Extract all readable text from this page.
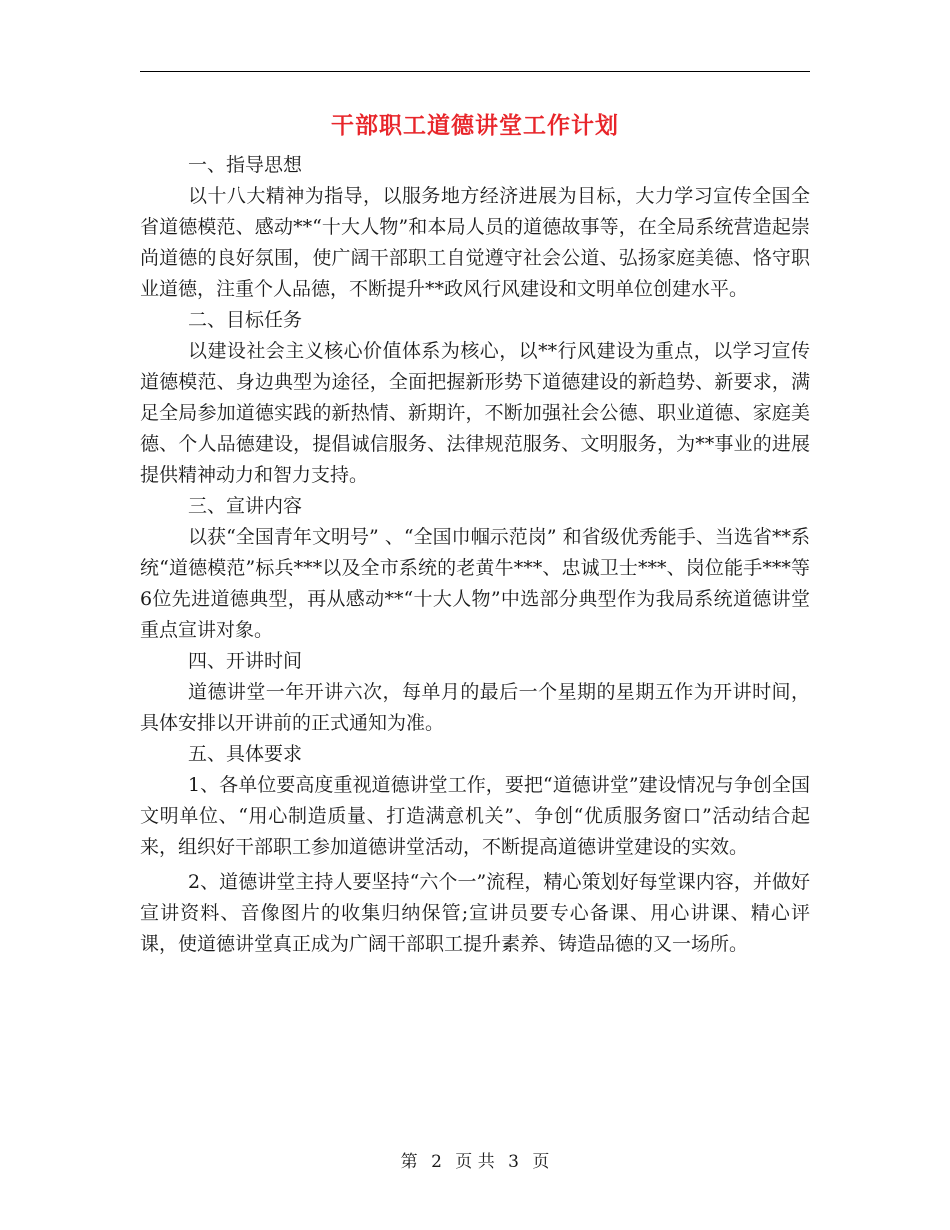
干部职工道德讲堂工作计划

一、指导思想

以十八大精神为指导，以服务地方经济进展为目标，大力学习宣传全国全省道德模范、感动**“十大人物”和本局人员的道德故事等，在全局系统营造起崇尚道德的良好氛围，使广阔干部职工自觉遵守社会公道、弘扬家庭美德、恪守职业道德，注重个人品德，不断提升**政风行风建设和文明单位创建水平。

二、目标任务

以建设社会主义核心价值体系为核心，以**行风建设为重点，以学习宣传道德模范、身边典型为途径，全面把握新形势下道德建设的新趋势、新要求，满足全局参加道德实践的新热情、新期许，不断加强社会公德、职业道德、家庭美德、个人品德建设，提倡诚信服务、法律规范服务、文明服务，为**事业的进展提供精神动力和智力支持。

三、宣讲内容

以获“全国青年文明号” 、“全国巾帼示范岗” 和省级优秀能手、当选省**系统“道德模范”标兵***以及全市系统的老黄牛***、忠诚卫士***、岗位能手***等6位先进道德典型，再从感动**“十大人物”中选部分典型作为我局系统道德讲堂重点宣讲对象。

四、开讲时间

道德讲堂一年开讲六次，每单月的最后一个星期的星期五作为开讲时间，具体安排以开讲前的正式通知为准。

五、具体要求

1、各单位要高度重视道德讲堂工作，要把“道德讲堂”建设情况与争创全国文明单位、“用心制造质量、打造满意机关”、争创“优质服务窗口”活动结合起来，组织好干部职工参加道德讲堂活动，不断提高道德讲堂建设的实效。

2、道德讲堂主持人要坚持“六个一”流程，精心策划好每堂课内容，并做好宣讲资料、音像图片的收集归纳保管;宣讲员要专心备课、用心讲课、精心评课，使道德讲堂真正成为广阔干部职工提升素养、铸造品德的又一场所。

第 2 页 共 3 页
